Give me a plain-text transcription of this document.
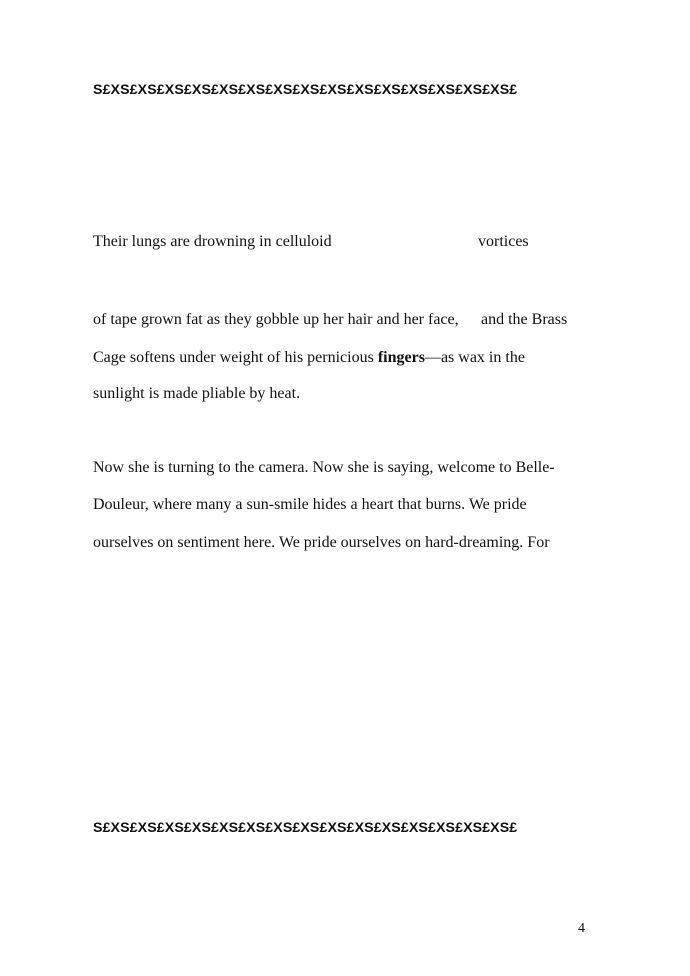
S£XS£XS£XS£XS£XS£XS£XS£XS£XS£XS£XS£XS£XS£XS£XS£
Their lungs are drowning in celluloid	vortices
of tape grown fat as they gobble up her hair and her face, and the Brass
Cage softens under weight of his pernicious fingers—as wax in the
sunlight is made pliable by heat.
Now she is turning to the camera. Now she is saying, welcome to Belle-
Douleur, where many a sun-smile hides a heart that burns. We pride
ourselves on sentiment here. We pride ourselves on hard-dreaming. For
S£XS£XS£XS£XS£XS£XS£XS£XS£XS£XS£XS£XS£XS£XS£XS£
4
